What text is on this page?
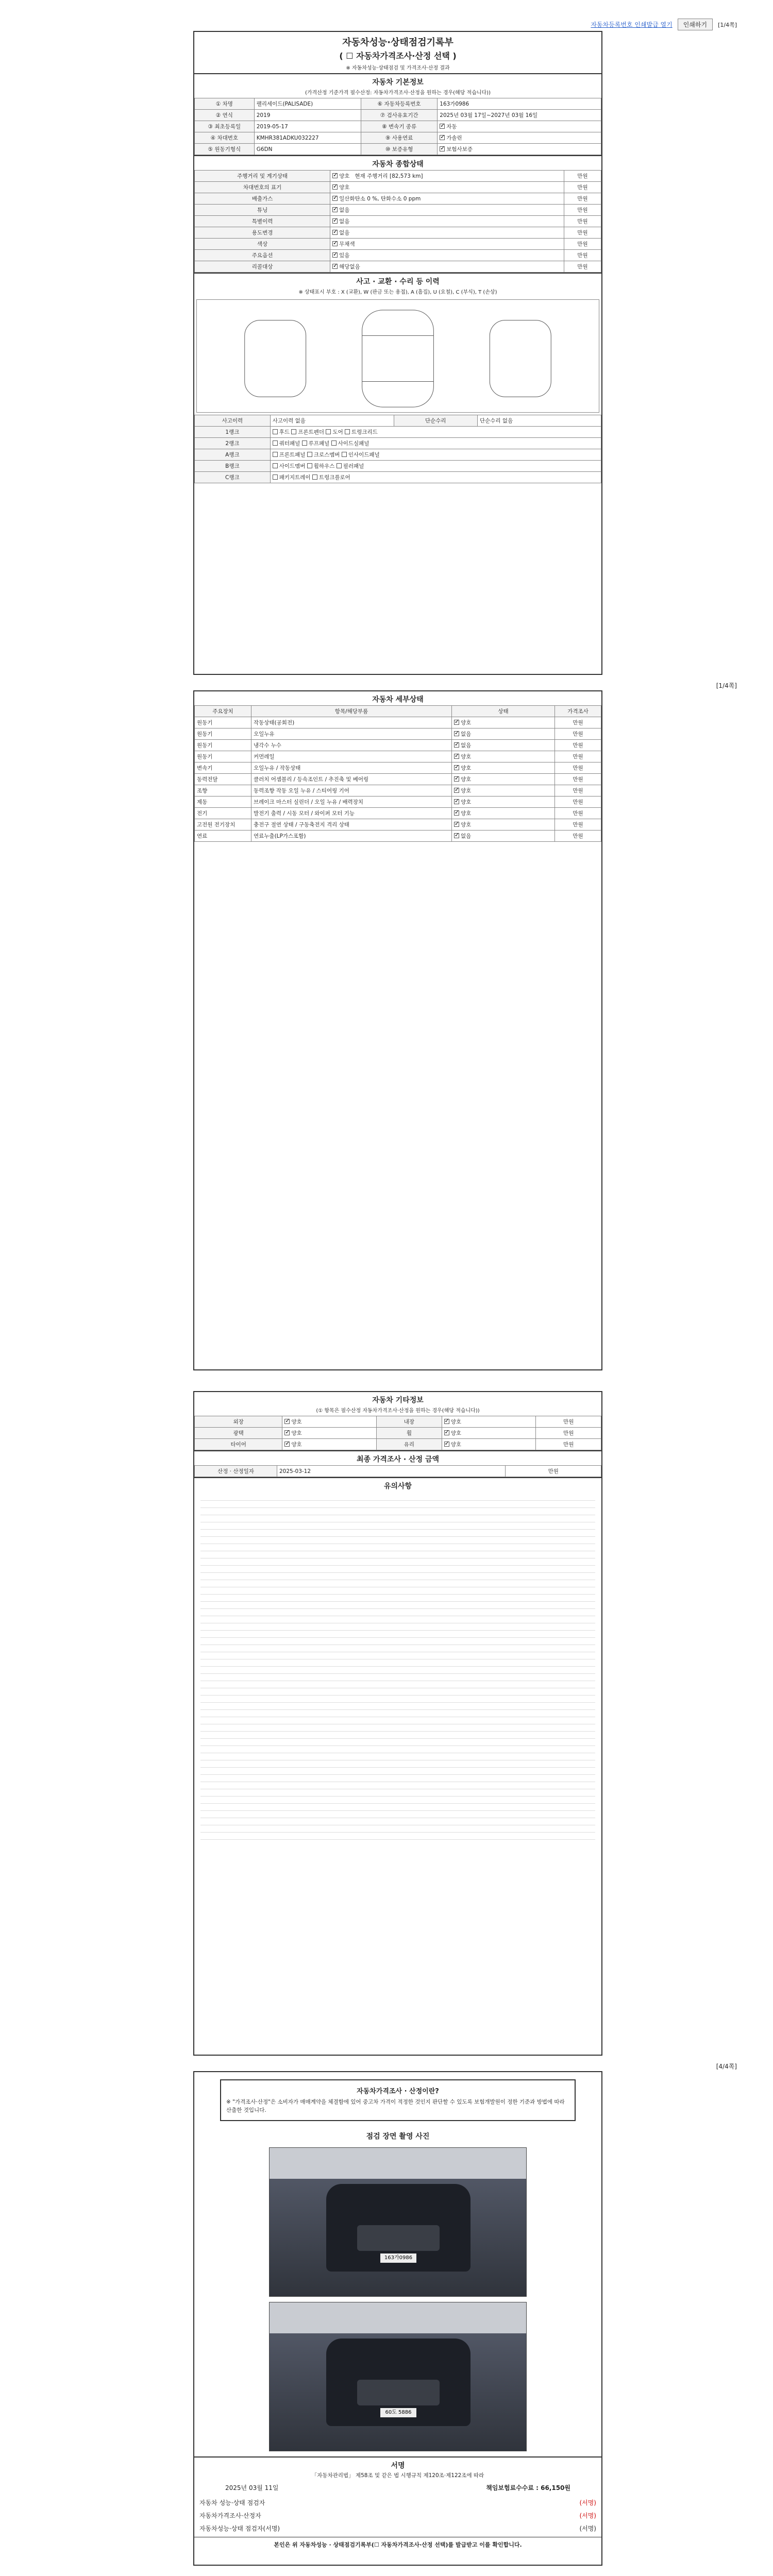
자동차등록번호 인쇄발급 열기	인쇄하기	[1/4쪽]
자동차성능·상태점검기록부
( ☐ 자동차가격조사·산정 선택 )
※ 자동차성능·상태점검 및 가격조사·산정 결과
자동차 기본정보
(가격산정 기준가격 필수산정: 자동차가격조사·산정을 원하는 경우(해당 적습니다))
① 차명	팰리세이드(PALISADE)	⑥ 자동차등록번호	163가0986
② 연식	2019	⑦ 검사유효기간	2025년 03월 17일~2027년 03월 16일
③ 최초등록일	2019-05-17	⑧ 변속기 종류	✓자동
④ 차대번호	KMHR381ADKU032227	⑨ 사용연료	✓가솔린
⑤ 원동기형식	G6DN	⑩ 보증유형	✓보험사보증
자동차 종합상태
주행거리 및 계기상태	✓양호   현재 주행거리 [82,573 km]	만원
차대번호의 표기	✓양호	만원
배출가스	✓일산화탄소 0 %, 탄화수소 0 ppm	만원
튜닝	✓없음	만원
특별이력	✓없음	만원
용도변경	✓없음	만원
색상	✓무채색	만원
주요옵션	✓있음	만원
리콜대상	✓해당없음	만원
사고 · 교환 · 수리 등 이력
※ 상태표시 부호 : X (교환), W (판금 또는 용접), A (흠집), U (요철), C (부식), T (손상)
사고이력	사고이력 없음	단순수리	단순수리 없음
1랭크	후드 프론트펜더 도어 트렁크리드		
2랭크	쿼터패널 루프패널 사이드실패널		
A랭크	프론트패널 크로스멤버 인사이드패널		
B랭크	사이드멤버 휠하우스 필러패널		
C랭크	패키지트레이 트렁크플로어		
[1/4쪽]
자동차 세부상태
주요장치	항목/해당부품	상태	가격조사
원동기	작동상태(공회전)	✓양호	만원
원동기	오일누유	✓없음	만원
원동기	냉각수 누수	✓없음	만원
원동기	커먼레일	✓양호	만원
변속기	오일누유 / 작동상태	✓양호	만원
동력전달	클러치 어셈블리 / 등속조인트 / 추진축 및 베어링	✓양호	만원
조향	동력조향 작동 오일 누유 / 스티어링 기어	✓양호	만원
제동	브레이크 마스터 실린더 / 오일 누유 / 배력장치	✓양호	만원
전기	발전기 출력 / 시동 모터 / 와이퍼 모터 기능	✓양호	만원
고전원 전기장치	충전구 절연 상태 / 구동축전지 격리 상태	✓양호	만원
연료	연료누출(LP가스포함)	✓없음	만원
자동차 기타정보
(① 항목은 필수산정 자동차가격조사·산정을 원하는 경우(해당 적습니다))
외장	✓양호	내장	✓양호	만원
광택	✓양호	휠	✓양호	만원
타이어	✓양호	유리	✓양호	만원
최종 가격조사 · 산정 금액
산정 · 산정일자	2025-03-12	만원
유의사항
[4/4쪽]
자동차가격조사 · 산정이란?
※ "가격조사·산정"은 소비자가 매매계약을 체결함에 있어 중고차 가격이 적정한 것인지 판단할 수 있도록 보험개발원이 정한 기준과 방법에 따라 산출한 것입니다.
점검 장면 촬영 사진
163가0986
60도 5886
서명
「자동차관리법」 제58조 및 같은 법 시행규칙 제120조·제122조에 따라
2025년 03월 11일	책임보험료수수료 : 66,150원
자동차 성능·상태 점검자	(서명)
자동차가격조사·산정자	(서명)
자동차성능·상태 점검자(서명)	(서명)
본인은 위 자동차성능 · 상태점검기록부(☐ 자동차가격조사·산정 선택)를 발급받고 이를 확인합니다.
